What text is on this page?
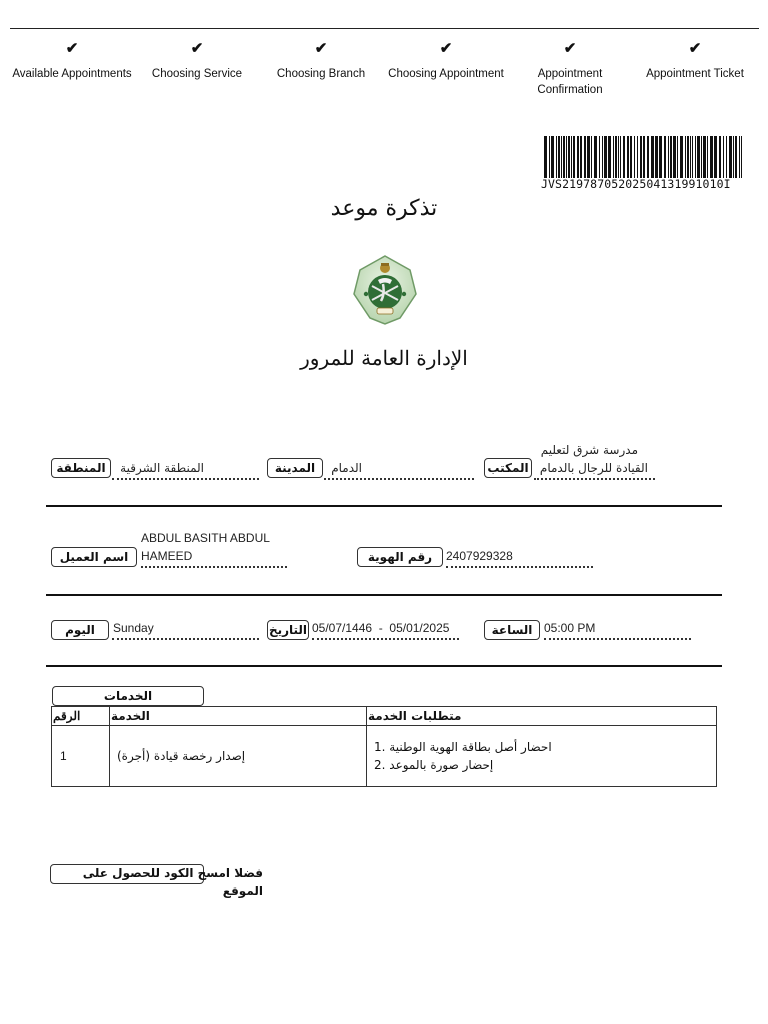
✔
Available Appointments
✔
Choosing Service
✔
Choosing Branch
✔
Choosing Appointment
✔
Appointment Confirmation
✔
Appointment Ticket
JVS21978705202504131991010I
تذكرة موعد
الإدارة العامة للمرور
المنطقة	المنطقة الشرقية	المدينة	الدمام	المكتب
مدرسة شرق لتعليم
القيادة للرجال بالدمام
اسم العميل
ABDUL BASITH ABDUL
HAMEED	رقم الهوية	2407929328
اليوم	Sunday	التاريخ 05/07/1446  -  05/01/2025	الساعة 05:00 PM
الخدمات
الرقم	الخدمة	متطلبات الخدمة
1	إصدار رخصة قيادة (أجرة)	1. احضار أصل بطاقة الهوية الوطنية
2. إحضار صورة بالموعد
فضلا امسح الكود للحصول على الموقع
